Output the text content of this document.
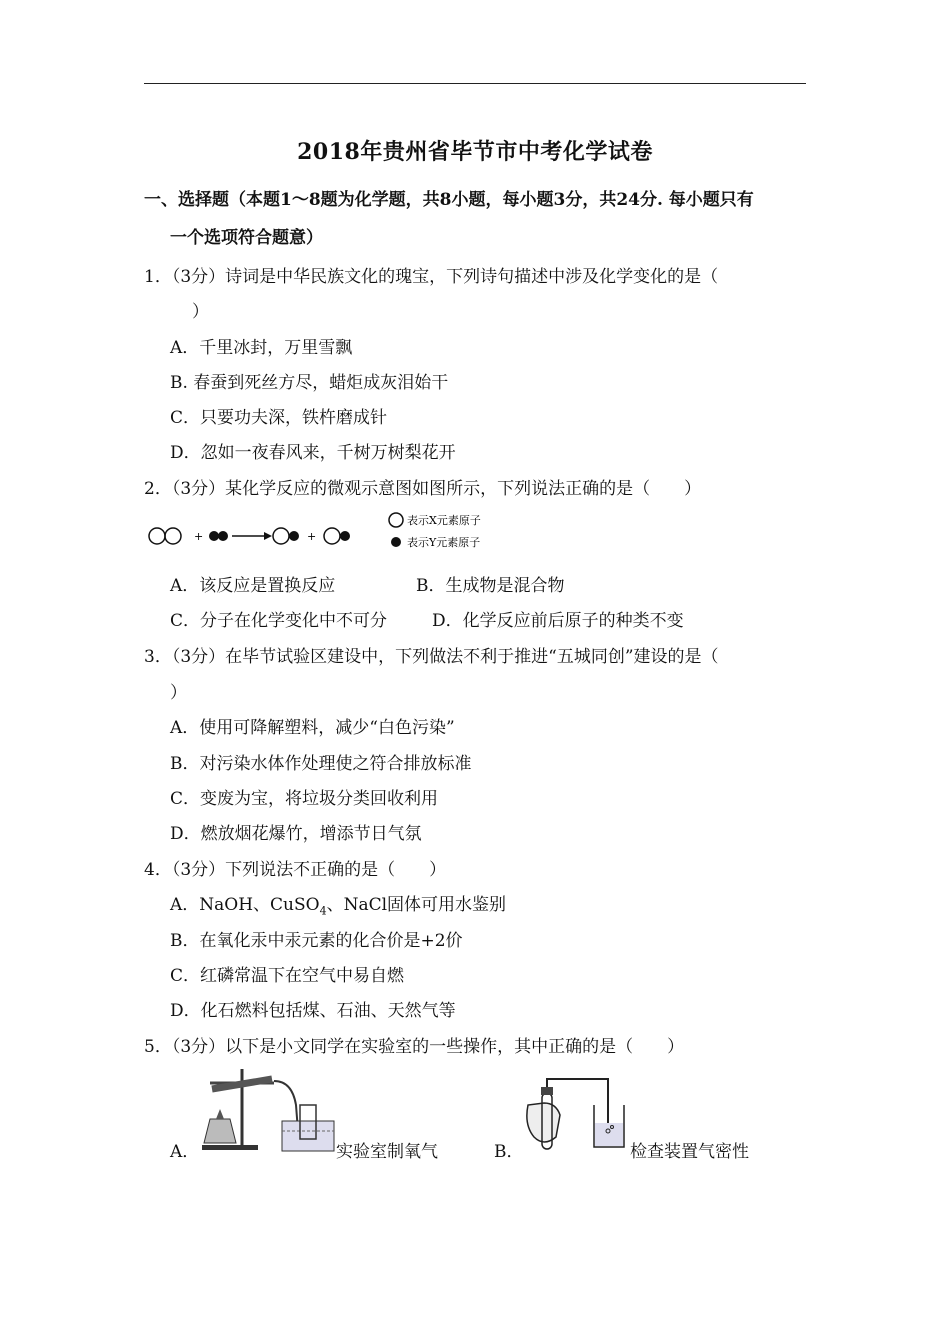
2018年贵州省毕节市中考化学试卷
一、选择题（本题1～8题为化学题，共8小题，每小题3分，共24分. 每小题只有
一个选项符合题意）
1．（3分）诗词是中华民族文化的瑰宝，下列诗句描述中涉及化学变化的是（
）
A．千里冰封，万里雪飘
B. 春蚕到死丝方尽，蜡炬成灰泪始干
C．只要功夫深，铁杵磨成针
D．忽如一夜春风来，千树万树梨花开
2．（3分）某化学反应的微观示意图如图所示，下列说法正确的是（　　）
+	+
表示X元素原子
表示Y元素原子
A．该反应是置换反应	B．生成物是混合物
C．分子在化学变化中不可分	D．化学反应前后原子的种类不变
3．（3分）在毕节试验区建设中，下列做法不利于推进“五城同创”建设的是（
）
A．使用可降解塑料，减少“白色污染”
B．对污染水体作处理使之符合排放标准
C．变废为宝，将垃圾分类回收利用
D．燃放烟花爆竹，增添节日气氛
4．（3分）下列说法不正确的是（　　）
A．NaOH、CuSO$_4$、NaCl固体可用水鉴别
B．在氧化汞中汞元素的化合价是+2价
C．红磷常温下在空气中易自燃
D．化石燃料包括煤、石油、天然气等
5．（3分）以下是小文同学在实验室的一些操作，其中正确的是（　　）
A．	实验室制氧气	B．	检查装置气密性
